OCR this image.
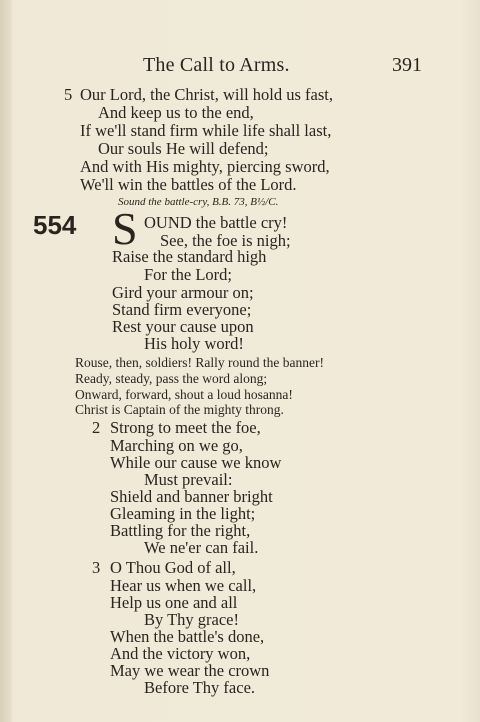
The Call to Arms.	391
5 Our Lord, the Christ, will hold us fast,
And keep us to the end,
If we'll stand firm while life shall last,
Our souls He will defend;
And with His mighty, piercing sword,
We'll win the battles of the Lord.
Sound the battle-cry, B.B. 73, B½/C.
554 S OUND the battle cry!
See, the foe is nigh;
Raise the standard high
For the Lord;
Gird your armour on;
Stand firm everyone;
Rest your cause upon
His holy word!
Rouse, then, soldiers! Rally round the banner!
Ready, steady, pass the word along;
Onward, forward, shout a loud hosanna!
Christ is Captain of the mighty throng.
2 Strong to meet the foe,
Marching on we go,
While our cause we know
Must prevail:
Shield and banner bright
Gleaming in the light;
Battling for the right,
We ne'er can fail.
3 O Thou God of all,
Hear us when we call,
Help us one and all
By Thy grace!
When the battle's done,
And the victory won,
May we wear the crown
Before Thy face.
